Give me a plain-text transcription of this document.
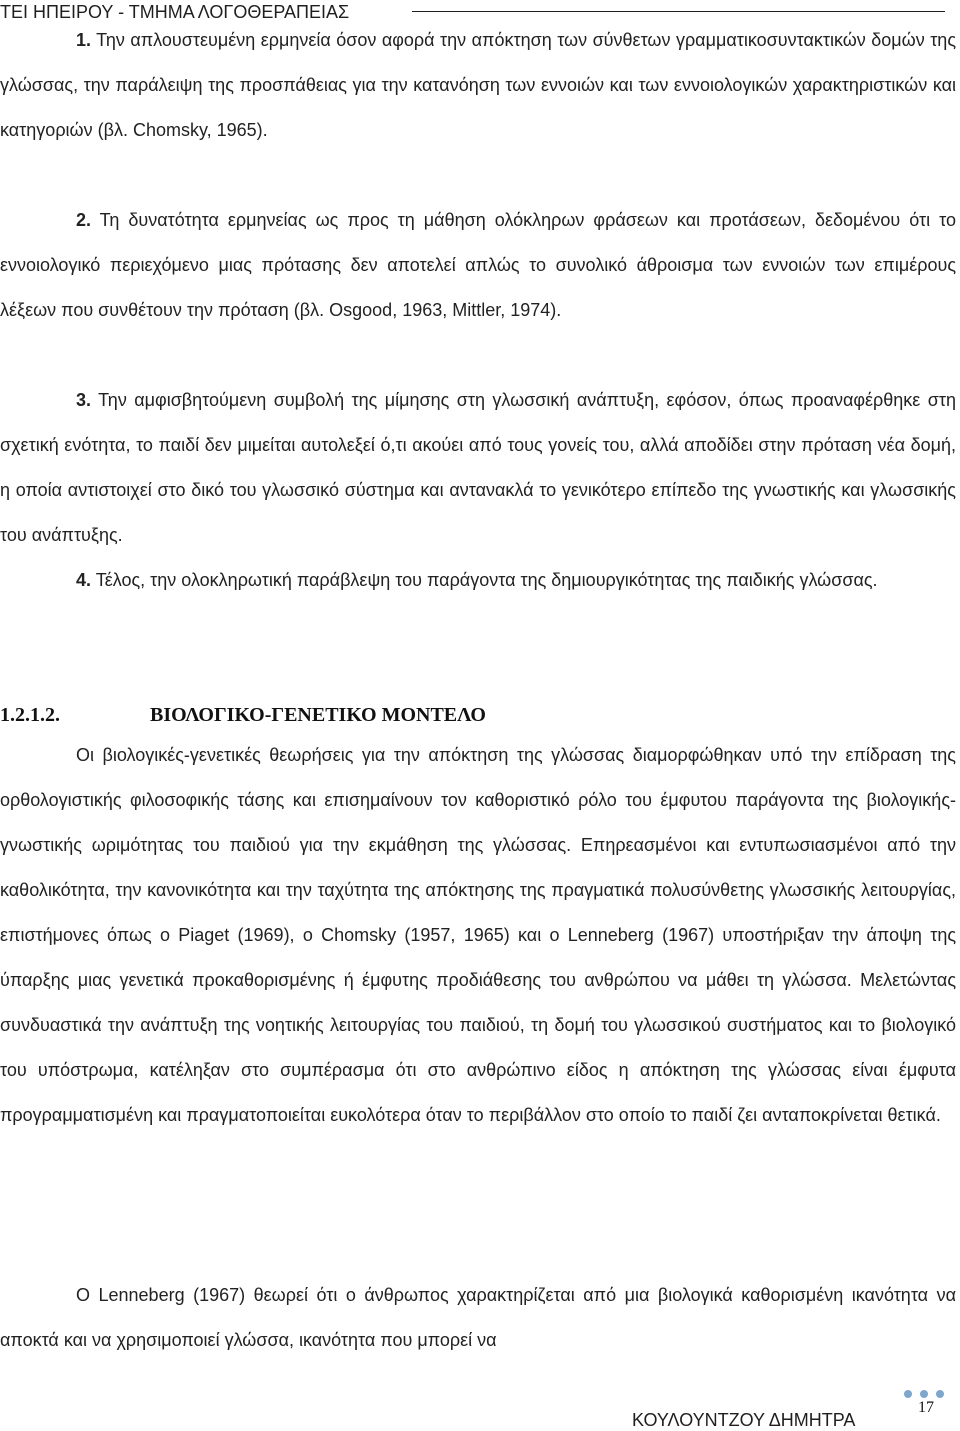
ΤΕΙ ΗΠΕΙΡΟΥ - ΤΜΗΜΑ ΛΟΓΟΘΕΡΑΠΕΙΑΣ
1. Την απλουστευμένη ερμηνεία όσον αφορά την απόκτηση των σύνθετων γραμματικοσυντακτικών δομών της γλώσσας, την παράλειψη της προσπάθειας για την κατανόηση των εννοιών και των εννοιολογικών χαρακτηριστικών και κατηγοριών (βλ. Chomsky, 1965).
2. Τη δυνατότητα ερμηνείας ως προς τη μάθηση ολόκληρων φράσεων και προτάσεων, δεδομένου ότι το εννοιολογικό περιεχόμενο μιας πρότασης δεν αποτελεί απλώς το συνολικό άθροισμα των εννοιών των επιμέρους λέξεων που συνθέτουν την πρόταση (βλ. Osgood, 1963, Mittler, 1974).
3. Την αμφισβητούμενη συμβολή της μίμησης στη γλωσσική ανάπτυξη, εφόσον, όπως προαναφέρθηκε στη σχετική ενότητα, το παιδί δεν μιμείται αυτολεξεί ό,τι ακούει από τους γονείς του, αλλά αποδίδει στην πρόταση νέα δομή, η οποία αντιστοιχεί στο δικό του γλωσσικό σύστημα και αντανακλά το γενικότερο επίπεδο της γνωστικής και γλωσσικής του ανάπτυξης.
4. Τέλος, την ολοκληρωτική παράβλεψη του παράγοντα της δημιουργικότητας της παιδικής γλώσσας.
1.2.1.2.	ΒΙΟΛΟΓΙΚΟ-ΓΕΝΕΤΙΚΟ ΜΟΝΤΕΛΟ
Οι βιολογικές-γενετικές θεωρήσεις για την απόκτηση της γλώσσας διαμορφώθηκαν υπό την επίδραση της ορθολογιστικής φιλοσοφικής τάσης και επισημαίνουν τον καθοριστικό ρόλο του έμφυτου παράγοντα της βιολογικής-γνωστικής ωριμότητας του παιδιού για την εκμάθηση της γλώσσας. Επηρεασμένοι και εντυπωσιασμένοι από την καθολικότητα, την κανονικότητα και την ταχύτητα της απόκτησης της πραγματικά πολυσύνθετης γλωσσικής λειτουργίας, επιστήμονες όπως ο Piaget (1969), ο Chomsky (1957, 1965) και ο Lenneberg (1967) υποστήριξαν την άποψη της ύπαρξης μιας γενετικά προκαθορισμένης ή έμφυτης προδιάθεσης του ανθρώπου να μάθει τη γλώσσα. Μελετώντας συνδυαστικά την ανάπτυξη της νοητικής λειτουργίας του παιδιού, τη δομή του γλωσσικού συστήματος και το βιολογικό του υπόστρωμα, κατέληξαν στο συμπέρασμα ότι στο ανθρώπινο είδος η απόκτηση της γλώσσας είναι έμφυτα προγραμματισμένη και πραγματοποιείται ευκολότερα όταν το περιβάλλον στο οποίο το παιδί ζει ανταποκρίνεται θετικά.
Ο Lenneberg (1967) θεωρεί ότι ο άνθρωπος χαρακτηρίζεται από μια βιολογικά καθορισμένη ικανότητα να αποκτά και να χρησιμοποιεί γλώσσα, ικανότητα που μπορεί να
ΚΟΥΛΟΥΝΤΖΟΥ ΔΗΜΗΤΡΑ
17
